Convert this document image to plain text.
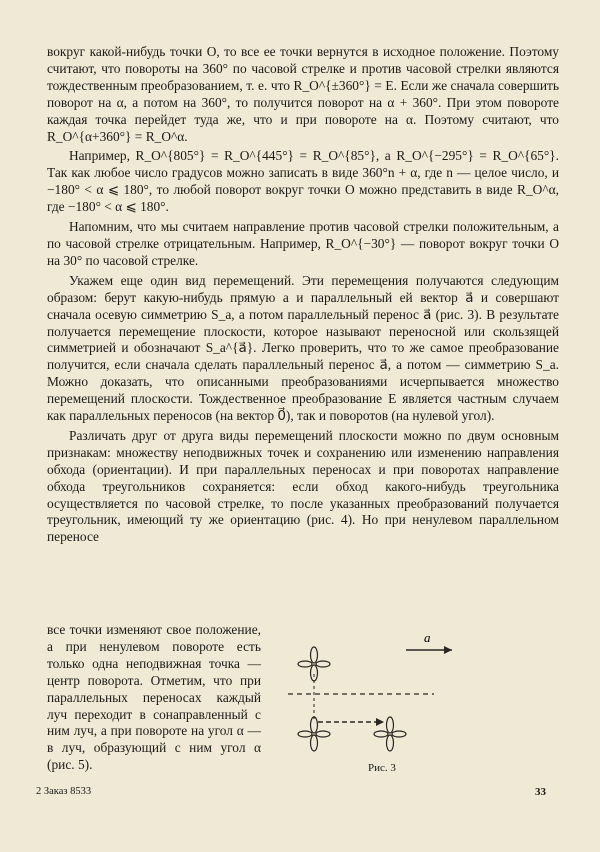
вокруг какой-нибудь точки O, то все ее точки вернутся в исходное положение. Поэтому считают, что повороты на 360° по часовой стрелке и против часовой стрелки являются тождественным преобразованием, т. е. что R_O^{±360°} = E. Если же сначала совершить поворот на α, а потом на 360°, то получится поворот на α + 360°. При этом повороте каждая точка перейдет туда же, что и при повороте на α. Поэтому считают, что R_O^{α+360°} = R_O^α.

Например, R_O^{805°} = R_O^{445°} = R_O^{85°}, а R_O^{−295°} = R_O^{65°}. Так как любое число градусов можно записать в виде 360°n + α, где n — целое число, и −180° < α ⩽ 180°, то любой поворот вокруг точки O можно представить в виде R_O^α, где −180° < α ⩽ 180°.

Напомним, что мы считаем направление против часовой стрелки положительным, а по часовой стрелке отрицательным. Например, R_O^{−30°} — поворот вокруг точки O на 30° по часовой стрелке.

Укажем еще один вид перемещений. Эти перемещения получаются следующим образом: берут какую-нибудь прямую a и параллельный ей вектор a⃗ и совершают сначала осевую симметрию S_a, а потом параллельный перенос a⃗ (рис. 3). В результате получается перемещение плоскости, которое называют переносной или скользящей симметрией и обозначают S_a^{a⃗}. Легко проверить, что то же самое преобразование получится, если сначала сделать параллельный перенос a⃗, а потом — симметрию S_a. Можно доказать, что описанными преобразованиями исчерпывается множество перемещений плоскости. Тождественное преобразование E является частным случаем как параллельных переносов (на вектор 0⃗), так и поворотов (на нулевой угол).

Различать друг от друга виды перемещений плоскости можно по двум основным признакам: множеству неподвижных точек и сохранению или изменению направления обхода (ориентации). И при параллельных переносах и при поворотах направление обхода треугольников сохраняется: если обход какого-нибудь треугольника осуществляется по часовой стрелке, то после указанных преобразований получается треугольник, имеющий ту же ориентацию (рис. 4). Но при ненулевом параллельном переносе

все точки изменяют свое положение, а при ненулевом повороте есть только одна неподвижная точка — центр поворота. Отметим, что при параллельных переносах каждый луч переходит в сонаправленный с ним луч, а при повороте на угол α — в луч, образующий с ним угол α (рис. 5).

a⃗
Рис. 3
2 Заказ 8533	33
